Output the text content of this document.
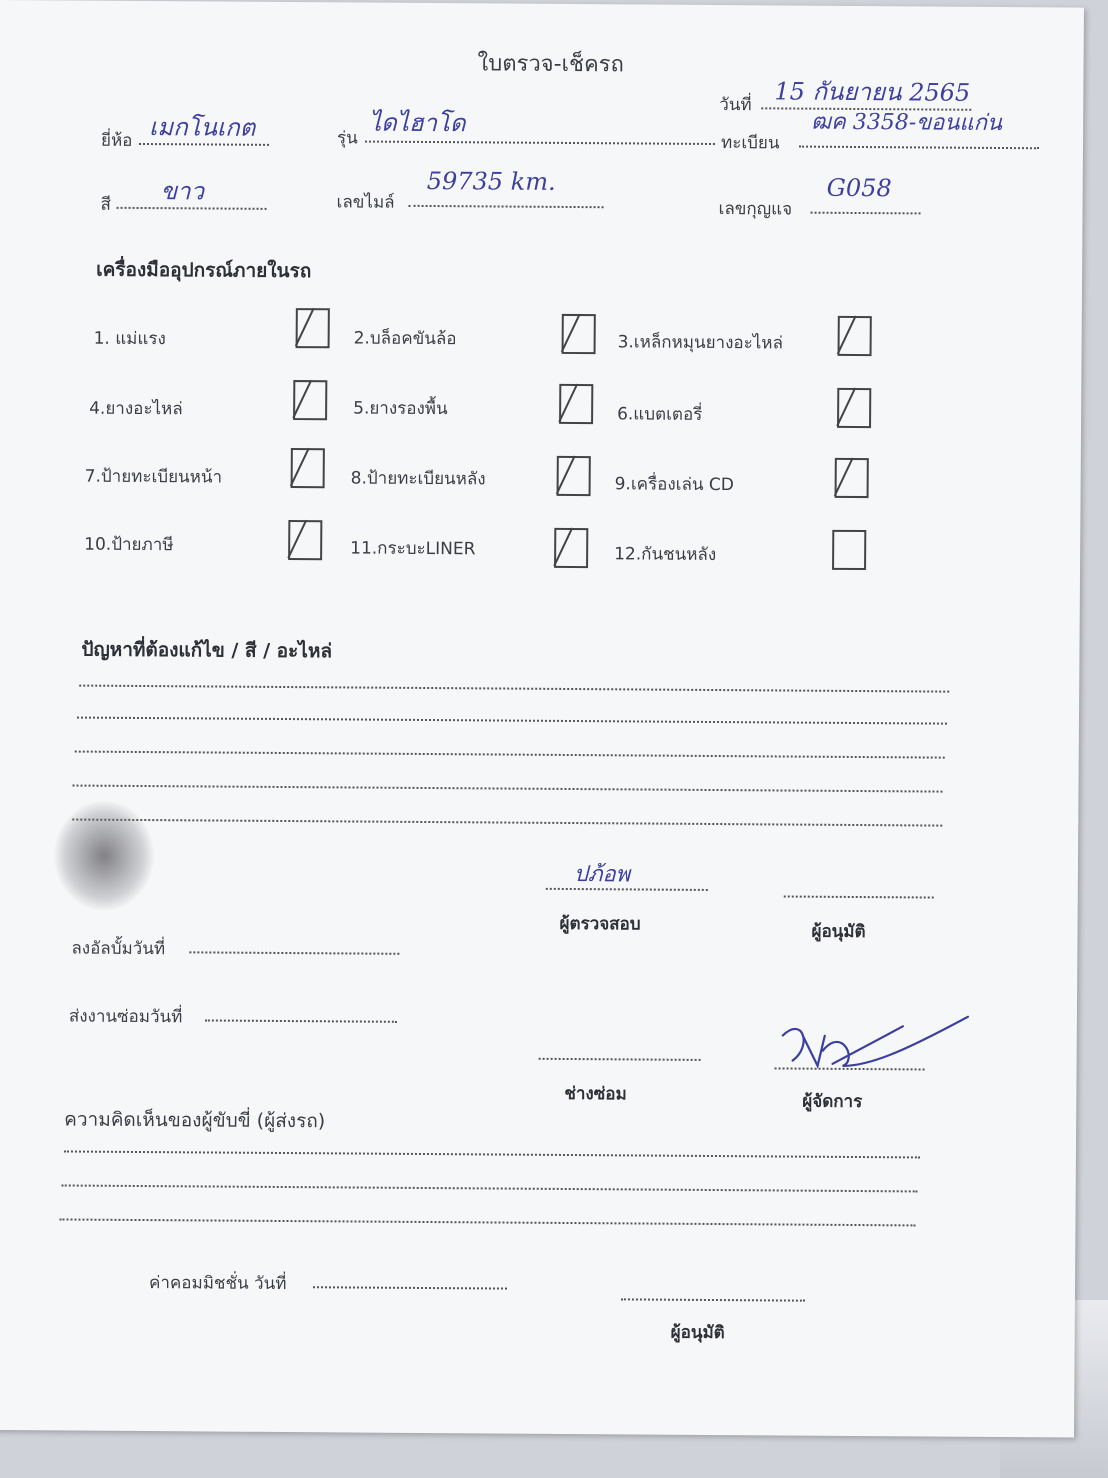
ใบตรวจ-เช็ครถ
วันที่ 15 กันยายน 2565
ยี่ห้อ เมกโนเกต	รุ่น
ไดไฮาโด
ทะเบียน
ฒค 3358-ขอนแก่น
สี ขาว	เลขไมล์
59735 km.
เลขกุญแจ
G058
เครื่องมืออุปกรณ์ภายในรถ
1. แม่แรง	2.บล็อคขันล้อ	3.เหล็กหมุนยางอะไหล่
4.ยางอะไหล่	5.ยางรองพื้น	6.แบตเตอรี่
7.ป้ายทะเบียนหน้า	8.ป้ายทะเบียนหลัง	9.เครื่องเล่น CD
10.ป้ายภาษี	11.กระบะLINER	12.กันชนหลัง
ปัญหาที่ต้องแก้ไข / สี / อะไหล่
ปภ้อพ
ผู้ตรวจสอบ	ผู้อนุมัติ
ลงอัลบั้มวันที่
ส่งงานซ่อมวันที่
ช่างซ่อม	ผู้จัดการ
ความคิดเห็นของผู้ขับขี่ (ผู้ส่งรถ)
ค่าคอมมิชชั่น วันที่
ผู้อนุมัติ
